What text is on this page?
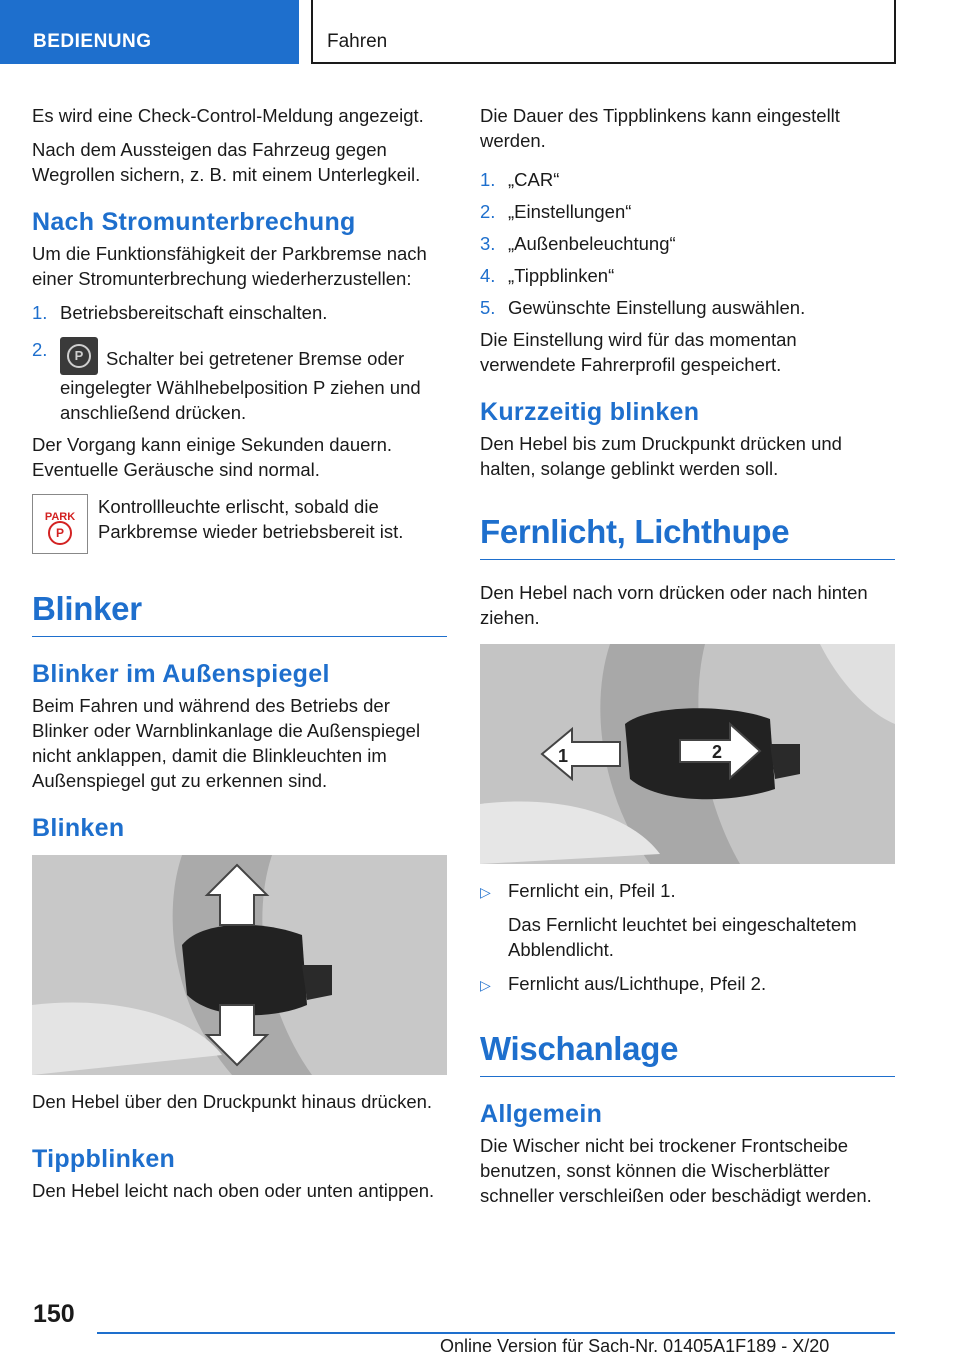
BEDIENUNG	Fahren

Es wird eine Check-Control-Meldung angezeigt.

Nach dem Aussteigen das Fahrzeug gegen Wegrollen sichern, z. B. mit einem Unterlegkeil.

Nach Stromunterbrechung

Um die Funktionsfähigkeit der Parkbremse nach einer Stromunterbrechung wiederherzustellen:

1. Betriebsbereitschaft einschalten.
2.	P	Schalter bei getretener Bremse oder eingelegter Wählhebelposition P ziehen und anschließend drücken.

Der Vorgang kann einige Sekunden dauern. Eventuelle Geräusche sind normal.

PARK
P
Kontrollleuchte erlischt, sobald die Parkbremse wieder betriebsbereit ist.
Blinker
Blinker im Außenspiegel

Beim Fahren und während des Betriebs der Blinker oder Warnblinkanlage die Außenspiegel nicht anklappen, damit die Blinkleuchten im Außenspiegel gut zu erkennen sind.

Blinken

Den Hebel über den Druckpunkt hinaus drücken.

Tippblinken

Den Hebel leicht nach oben oder unten antippen.

Die Dauer des Tippblinkens kann eingestellt werden.

1. „CAR“
2. „Einstellungen“
3. „Außenbeleuchtung“
4. „Tippblinken“
5. Gewünschte Einstellung auswählen.

Die Einstellung wird für das momentan verwendete Fahrerprofil gespeichert.

Kurzzeitig blinken

Den Hebel bis zum Druckpunkt drücken und halten, solange geblinkt werden soll.

Fernlicht, Lichthupe

Den Hebel nach vorn drücken oder nach hinten ziehen.

1	2
▷ Fernlicht ein, Pfeil 1.

Das Fernlicht leuchtet bei eingeschaltetem Abblendlicht.

▷ Fernlicht aus/Lichthupe, Pfeil 2.
Wischanlage
Allgemein

Die Wischer nicht bei trockener Frontscheibe benutzen, sonst können die Wischerblätter schneller verschleißen oder beschädigt werden.

150
Online Version für Sach-Nr. 01405A1F189 - X/20
